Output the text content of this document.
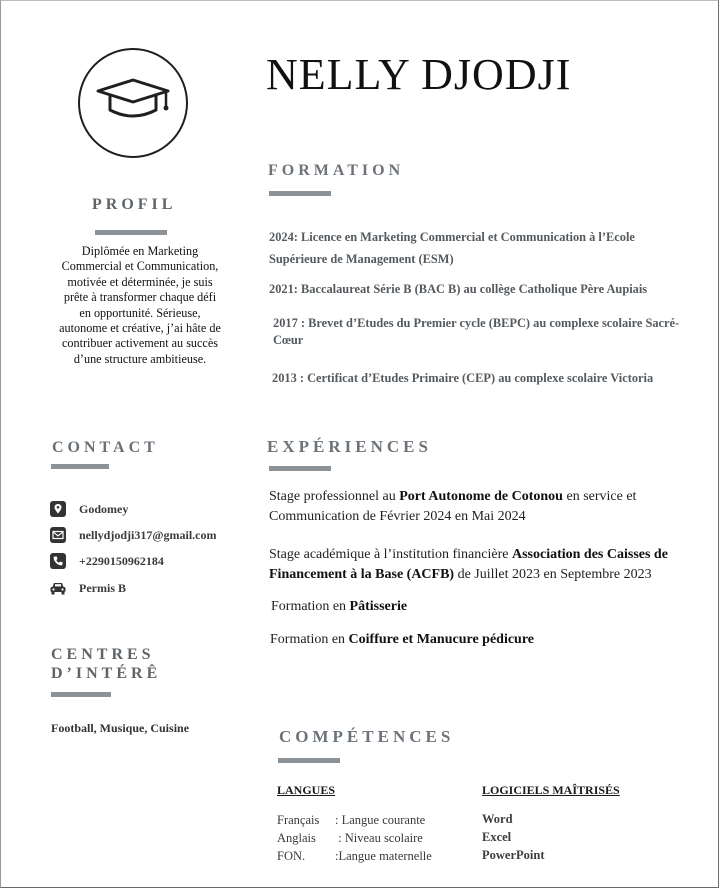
NELLY DJODJI
PROFIL
Diplômée en Marketing Commercial et Communication, motivée et déterminée, je suis prête à transformer chaque défi en opportunité. Sérieuse, autonome et créative, j’ai hâte de contribuer activement au succès d’une structure ambitieuse.
CONTACT
Godomey
nellydjodji317@gmail.com
+2290150962184
Permis B
CENTRES
D’INTÉRÊ
Football, Musique, Cuisine
FORMATION
2024: Licence en Marketing Commercial et Communication à l’Ecole Supérieure de Management (ESM)
2021: Baccalaureat Série B (BAC B) au collège Catholique Père Aupiais
2017 : Brevet d’Etudes du Premier cycle (BEPC) au complexe scolaire Sacré-Cœur
2013 : Certificat d’Etudes Primaire (CEP) au complexe scolaire Victoria
EXPÉRIENCES
Stage professionnel au Port Autonome de Cotonou en service et Communication de Février 2024 en Mai 2024
Stage académique à l’institution financière Association des Caisses de Financement à la Base (ACFB) de Juillet 2023 en Septembre 2023
Formation en Pâtisserie
Formation en Coiffure et Manucure pédicure
COMPÉTENCES
LANGUES	LOGICIELS MAÎTRISÉS
Français : Langue courante
Anglais : Niveau scolaire
FON. :Langue maternelle
Word
Excel
PowerPoint
